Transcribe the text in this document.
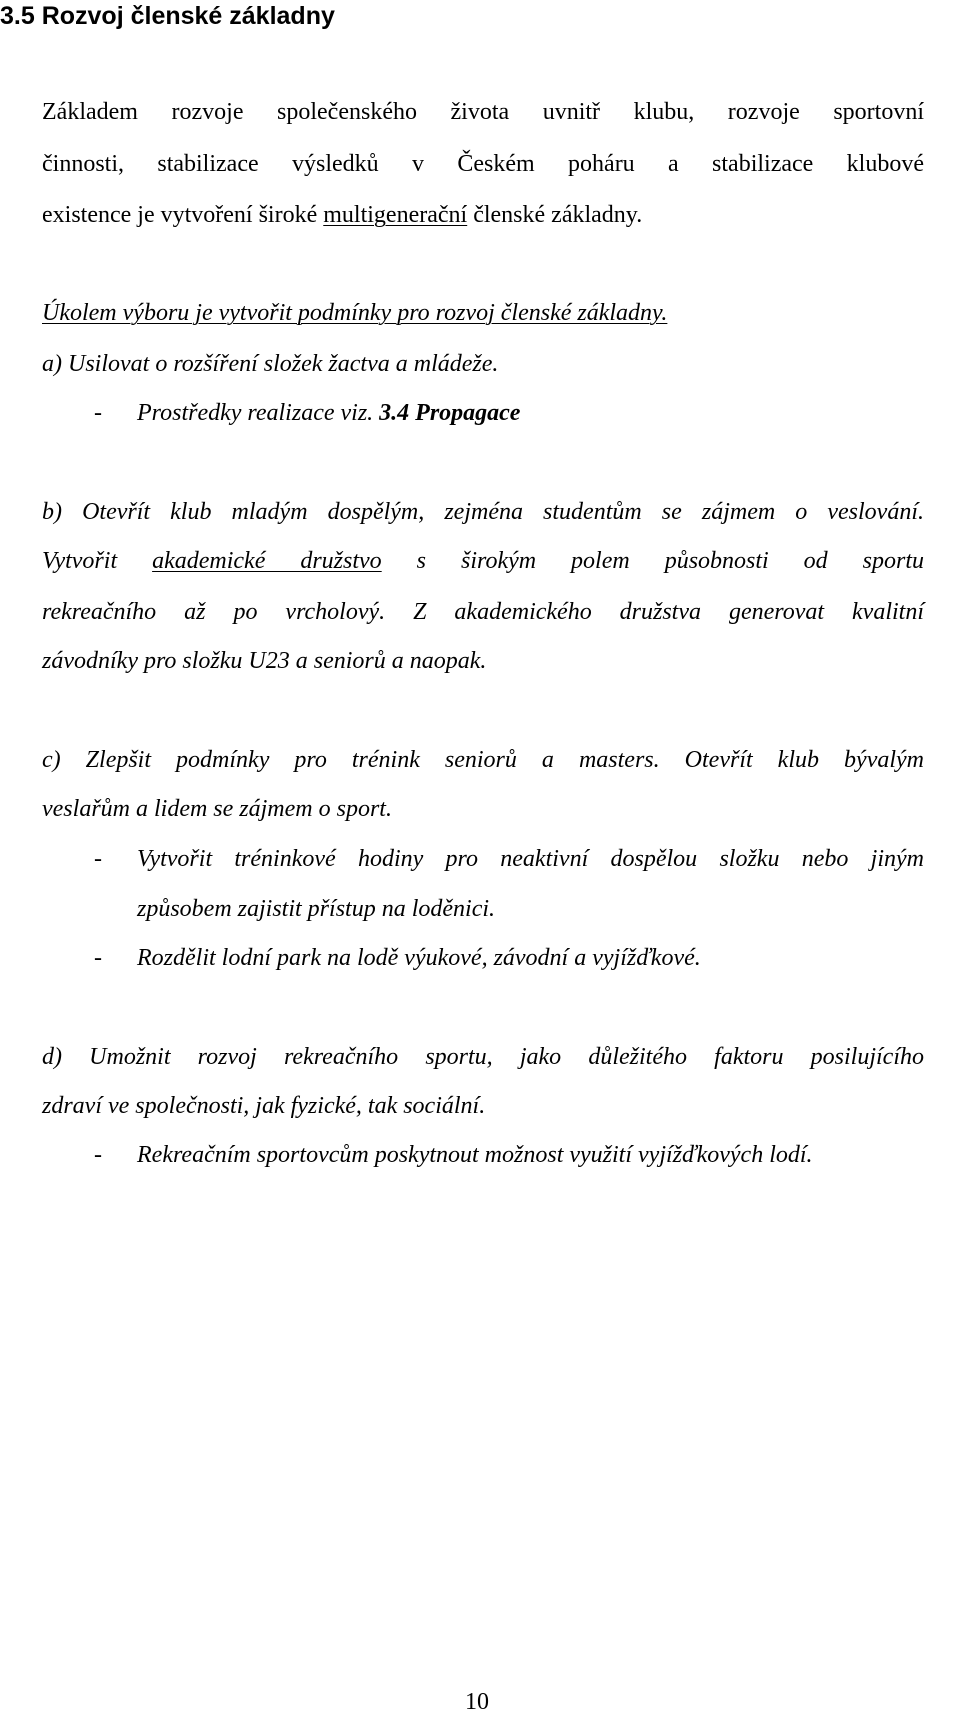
3.5 Rozvoj členské základny
Základem rozvoje společenského života uvnitř klubu, rozvoje sportovní
činnosti, stabilizace výsledků v Českém poháru a stabilizace klubové
existence je vytvoření široké multigenerační členské základny.
Úkolem výboru je vytvořit podmínky pro rozvoj členské základny.
a) Usilovat o rozšíření složek žactva a mládeže.
- Prostředky realizace viz. 3.4 Propagace
b) Otevřít klub mladým dospělým, zejména studentům se zájmem o veslování.
Vytvořit akademické družstvo s širokým polem působnosti od sportu
rekreačního až po vrcholový. Z akademického družstva generovat kvalitní
závodníky pro složku U23 a seniorů a naopak.
c) Zlepšit podmínky pro trénink seniorů a masters. Otevřít klub bývalým
veslařům a lidem se zájmem o sport.
- Vytvořit tréninkové hodiny pro neaktivní dospělou složku nebo jiným
způsobem zajistit přístup na loděnici.
- Rozdělit lodní park na lodě výukové, závodní a vyjížďkové.
d) Umožnit rozvoj rekreačního sportu, jako důležitého faktoru posilujícího
zdraví ve společnosti, jak fyzické, tak sociální.
- Rekreačním sportovcům poskytnout možnost využití vyjížďkových lodí.
10
